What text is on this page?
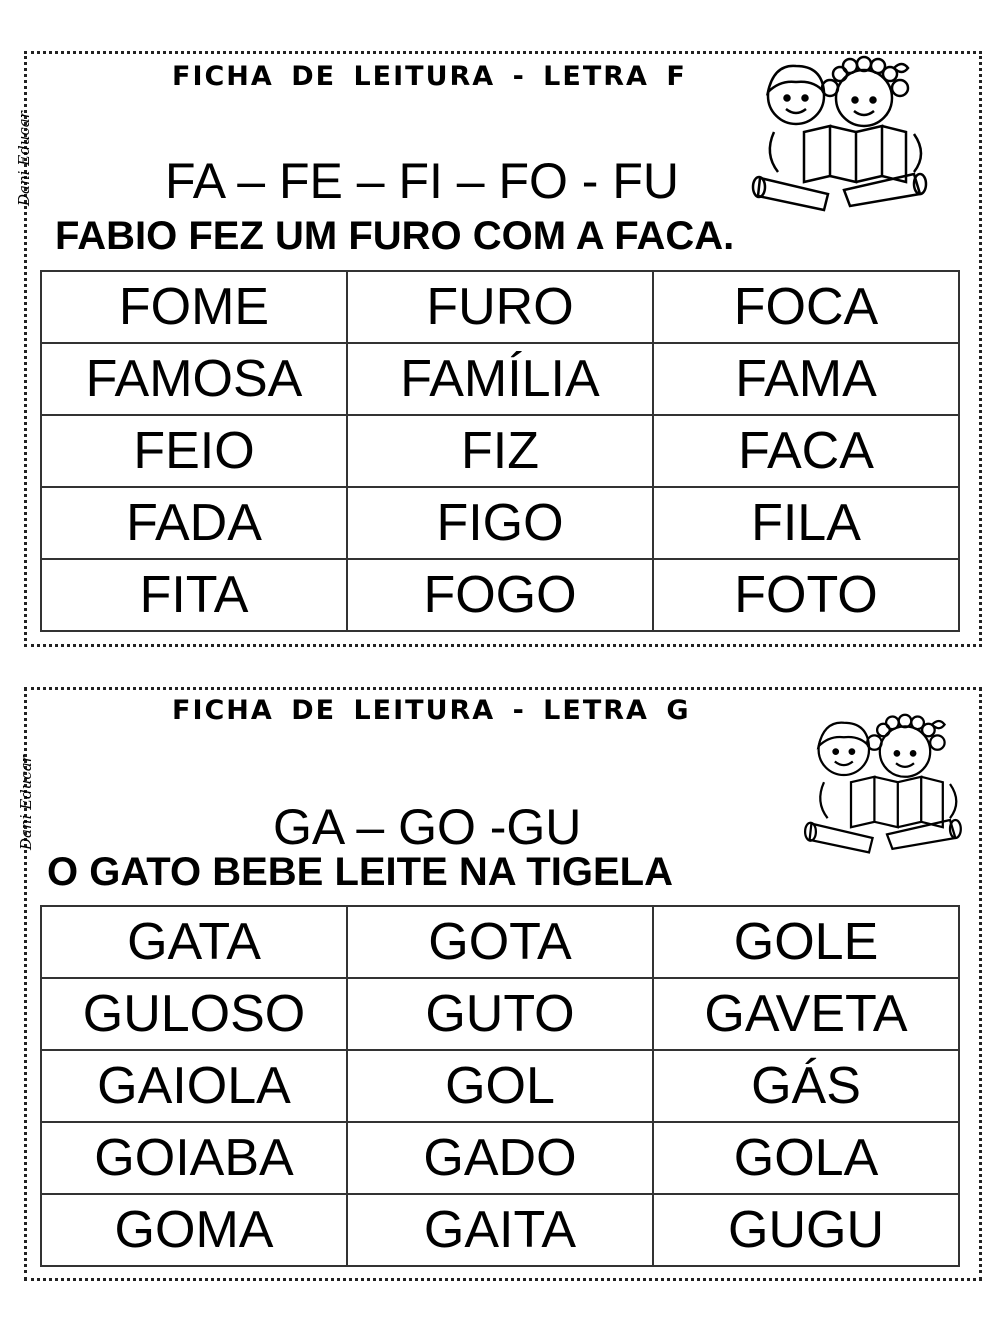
FICHA DE LEITURA - LETRA F
Dani Educar	FA – FE – FI – FO - FU
FABIO FEZ UM FURO COM A FACA.
FOME	FURO	FOCA
FAMOSA	FAMÍLIA	FAMA
FEIO	FIZ	FACA
FADA	FIGO	FILA
FITA	FOGO	FOTO
FICHA DE LEITURA - LETRA G
Dani Educar	GA – GO -GU
O GATO BEBE LEITE NA TIGELA
GATA	GOTA	GOLE
GULOSO	GUTO	GAVETA
GAIOLA	GOL	GÁS
GOIABA	GADO	GOLA
GOMA	GAITA	GUGU
